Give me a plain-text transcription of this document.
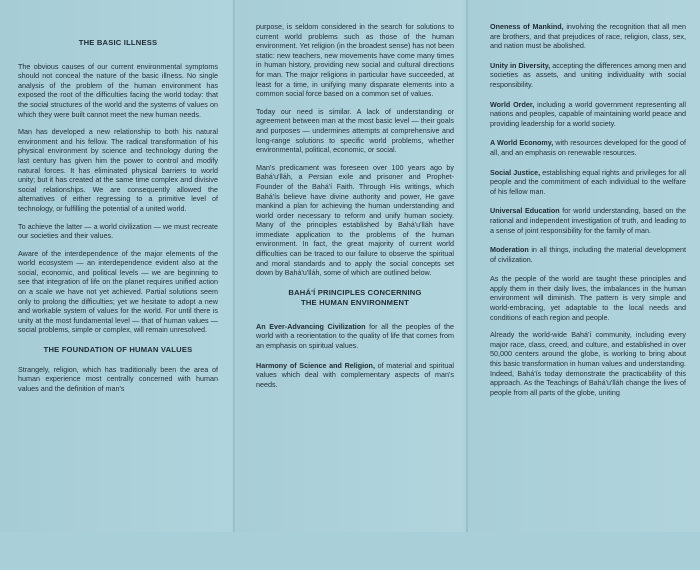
THE BASIC ILLNESS

The obvious causes of our current environmental symptoms should not conceal the nature of the basic illness. No single analysis of the problem of the human environment has exposed the root of the difficulties facing the world today: that the social structures of the world and the systems of values on which they were built cannot meet the new human needs.

Man has developed a new relationship to both his natural environment and his fellow. The radical transformation of his physical environment by science and technology during the last century has given him the power to control and modify natural forces. It has eliminated physical barriers to world unity; but it has created at the same time complex and divisive social relationships. We are consequently allowed the alternatives of either regressing to a primitive level of technology, or fulfilling the potential of a united world.

To achieve the latter — a world civilization — we must recreate our societies and their values.

Aware of the interdependence of the major elements of the world ecosystem — an interdependence evident also at the social, economic, and political levels — we are beginning to see that integration of life on the planet requires unified action on a scale we have not yet achieved. Partial solutions seem only to prolong the difficulties; yet we hesitate to adopt a new and workable system of values for the world. For until there is unity at the most fundamental level — that of human values — social problems, simple or complex, will remain unresolved.

THE FOUNDATION OF HUMAN VALUES

Strangely, religion, which has traditionally been the area of human experience most centrally concerned with human values and the definition of man's

purpose, is seldom considered in the search for solutions to current world problems such as those of the human environment. Yet religion (in the broadest sense) has not been static: new teachers, new movements have come many times in human history, providing new social and cultural directions for man. The major religions in particular have succeeded, at least for a time, in unifying many disparate elements into a common social force based on a common set of values.

Today our need is similar. A lack of understanding or agreement between man at the most basic level — their goals and purposes — undermines attempts at comprehensive and long-range solutions to specific world problems, whether environmental, political, economic, or social.

Man's predicament was foreseen over 100 years ago by Bahá'u'lláh, a Persian exile and prisoner and Prophet-Founder of the Bahá'í Faith. Through His writings, which Bahá'ís believe have divine authority and power, He gave mankind a plan for achieving the human understanding and world order necessary to reform and unify human society. Many of the principles established by Bahá'u'lláh have immediate application to the problems of the human environment. In fact, the great majority of current world difficulties can be traced to our failure to observe the spiritual and moral standards and to apply the social concepts set down by Bahá'u'lláh, some of which are outlined below.

BAHÁ'Í PRINCIPLES CONCERNING THE HUMAN ENVIRONMENT

An Ever-Advancing Civilization for all the peoples of the world with a reorientation to the quality of life that comes from an emphasis on spiritual values.

Harmony of Science and Religion, of material and spiritual values which deal with complementary aspects of man's needs.

Oneness of Mankind, involving the recognition that all men are brothers, and that prejudices of race, religion, class, sex, and nation must be abolished.

Unity in Diversity, accepting the differences among men and societies as assets, and uniting individuality with social responsibility.

World Order, including a world government representing all nations and peoples, capable of maintaining world peace and providing leadership for a world society.

A World Economy, with resources developed for the good of all, and an emphasis on renewable resources.

Social Justice, establishing equal rights and privileges for all people and the commitment of each individual to the welfare of his fellow man.

Universal Education for world understanding, based on the rational and independent investigation of truth, and leading to a sense of joint responsibility for the family of man.

Moderation in all things, including the material development of civilization.

As the people of the world are taught these principles and apply them in their daily lives, the imbalances in the human environment will diminish. The pattern is very simple and world-embracing, yet adaptable to the local needs and conditions of each region and people.

Already the world-wide Bahá'í community, including every major race, class, creed, and culture, and established in over 50,000 centers around the globe, is working to bring about this basic transformation in human values and understanding. Indeed, Bahá'ís today demonstrate the practicability of this approach. As the Teachings of Bahá'u'lláh change the lives of people from all parts of the globe, uniting
